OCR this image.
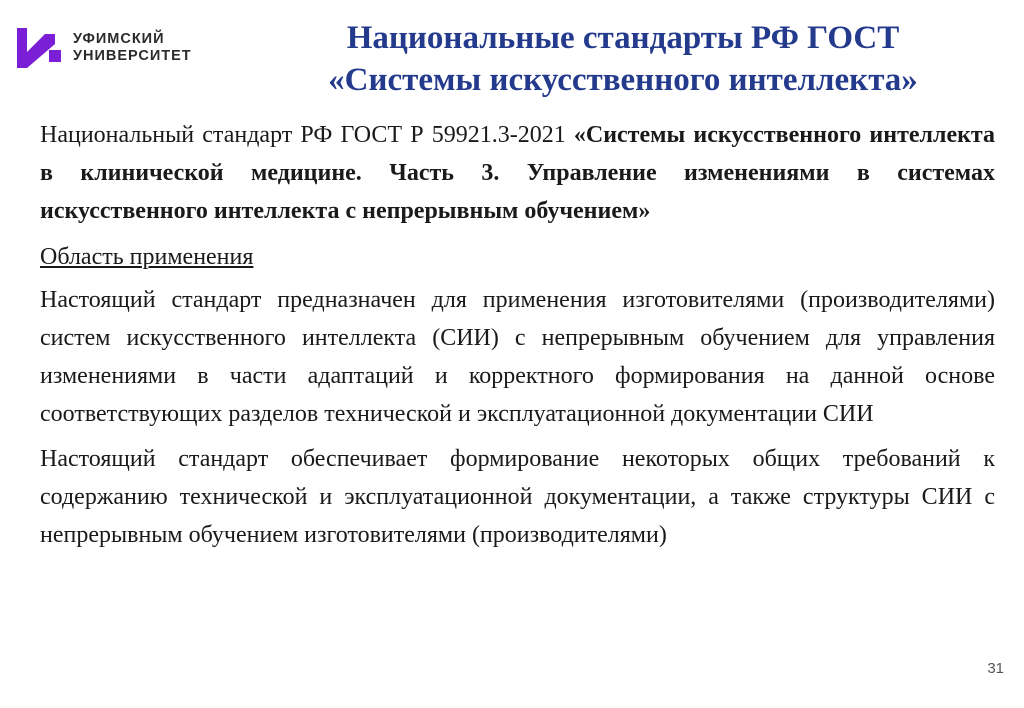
УФИМСКИЙ
УНИВЕРСИТЕТ	Национальные стандарты РФ ГОСТ
«Системы искусственного интеллекта»

Национальный стандарт РФ ГОСТ Р 59921.3-2021 «Системы искусственного интеллекта в клинической медицине. Часть 3. Управление изменениями в системах искусственного интеллекта с непрерывным обучением»

Область применения

Настоящий стандарт предназначен для применения изготовителями (производителями) систем искусственного интеллекта (СИИ) с непрерывным обучением для управления изменениями в части адаптаций и корректного формирования на данной основе соответствующих разделов технической и эксплуатационной документации СИИ

Настоящий стандарт обеспечивает формирование некоторых общих требований к содержанию технической и эксплуатационной документации, а также структуры СИИ с непрерывным обучением изготовителями (производителями)

31
